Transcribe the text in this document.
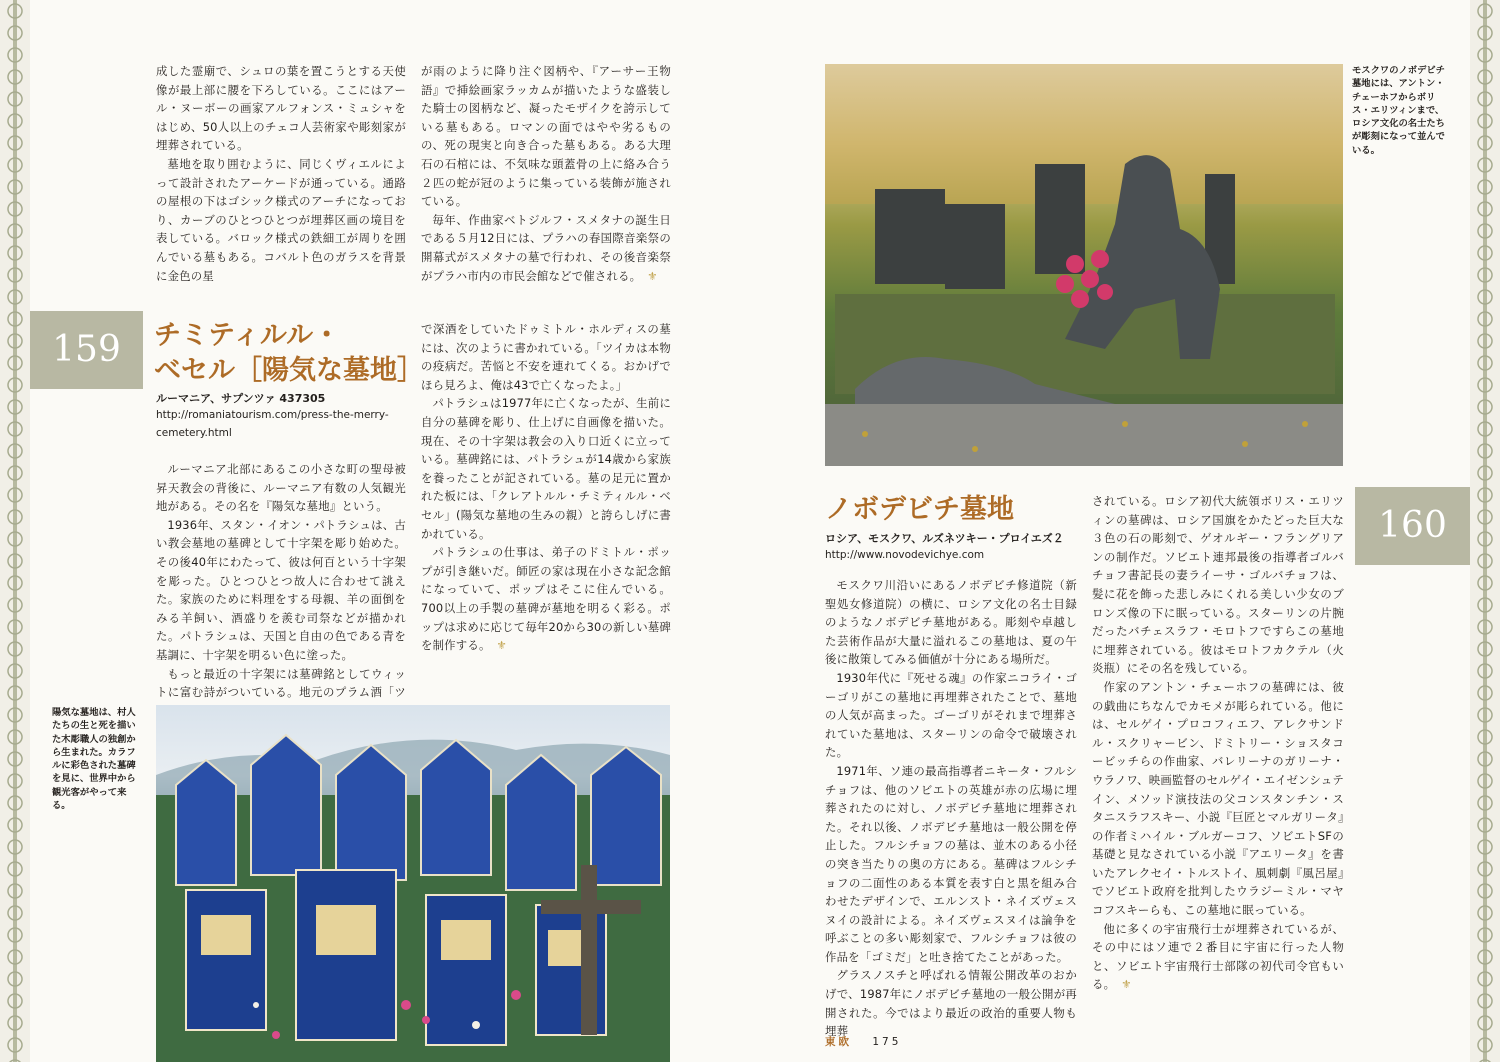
成した霊廟で、シュロの葉を置こうとする天使像が最上部に腰を下ろしている。ここにはアール・ヌーボーの画家アルフォンス・ミュシャをはじめ、50人以上のチェコ人芸術家や彫刻家が埋葬されている。

墓地を取り囲むように、同じくヴィエルによって設計されたアーケードが通っている。通路の屋根の下はゴシック様式のアーチになっており、カーブのひとつひとつが埋葬区画の境目を表している。バロック様式の鉄細工が周りを囲んでいる墓もある。コバルト色のガラスを背景に金色の星

が雨のように降り注ぐ図柄や、『アーサー王物語』で挿絵画家ラッカムが描いたような盛装した騎士の図柄など、凝ったモザイクを誇示している墓もある。ロマンの面ではやや劣るものの、死の現実と向き合った墓もある。ある大理石の石棺には、不気味な頭蓋骨の上に絡み合う２匹の蛇が冠のように集っている装飾が施されている。

毎年、作曲家ベトジルフ・スメタナの誕生日である５月12日には、プラハの春国際音楽祭の開幕式がスメタナの墓で行われ、その後音楽祭がプラハ市内の市民会館などで催される。 ⚜

159	チミティルル・
ベセル［陽気な墓地］
ルーマニア、サプンツァ 437305
http://romaniatourism.com/press-the-merry-
cemetery.html

ルーマニア北部にあるこの小さな町の聖母被昇天教会の背後に、ルーマニア有数の人気観光地がある。その名を『陽気な墓地』という。

1936年、スタン・イオン・パトラシュは、古い教会墓地の墓碑として十字架を彫り始めた。その後40年にわたって、彼は何百という十字架を彫った。ひとつひとつ故人に合わせて誂えた。家族のために料理をする母親、羊の面倒をみる羊飼い、酒盛りを羨む司祭などが描かれた。パトラシュは、天国と自由の色である青を基調に、十字架を明るい色に塗った。

もっと最近の十字架には墓碑銘としてウィットに富む詩がついている。地元のプラム酒「ツ

で深酒をしていたドゥミトル・ホルディスの墓には、次のように書かれている。「ツイカは本物の疫病だ。苦悩と不安を連れてくる。おかげでほら見ろよ、俺は43で亡くなったよ。」

パトラシュは1977年に亡くなったが、生前に自分の墓碑を彫り、仕上げに自画像を描いた。現在、その十字架は教会の入り口近くに立っている。墓碑銘には、パトラシュが14歳から家族を養ったことが記されている。墓の足元に置かれた板には、「クレアトルル・チミティルル・ベセル」(陽気な墓地の生みの親）と誇らしげに書かれている。

パトラシュの仕事は、弟子のドミトル・ポップが引き継いだ。師匠の家は現在小さな記念館になっていて、ポップはそこに住んでいる。700以上の手製の墓碑が墓地を明るく彩る。ポップは求めに応じて毎年20から30の新しい墓碑を制作する。 ⚜

陽気な墓地は、村人たちの生と死を描いた木彫職人の独創から生まれた。カラフルに彩色された墓碑を見に、世界中から観光客がやって来る。
モスクワのノボデビチ墓地には、アントン・チェーホフからボリス・エリツィンまで、ロシア文化の名士たちが彫刻になって並んでいる。
ノボデビチ墓地
ロシア、モスクワ、ルズネツキー・プロイエズ２
http://www.novodevichye.com
160

モスクワ川沿いにあるノボデビチ修道院（新聖処女修道院）の横に、ロシア文化の名士目録のようなノボデビチ墓地がある。彫刻や卓越した芸術作品が大量に溢れるこの墓地は、夏の午後に散策してみる価値が十分にある場所だ。

1930年代に『死せる魂』の作家ニコライ・ゴーゴリがこの墓地に再埋葬されたことで、墓地の人気が高まった。ゴーゴリがそれまで埋葬されていた墓地は、スターリンの命令で破壊された。

1971年、ソ連の最高指導者ニキータ・フルシチョフは、他のソビエトの英雄が赤の広場に埋葬されたのに対し、ノボデビチ墓地に埋葬された。それ以後、ノボデビチ墓地は一般公開を停止した。フルシチョフの墓は、並木のある小径の突き当たりの奥の方にある。墓碑はフルシチョフの二面性のある本質を表す白と黒を組み合わせたデザインで、エルンスト・ネイズヴェスヌイの設計による。ネイズヴェスヌイは論争を呼ぶことの多い彫刻家で、フルシチョフは彼の作品を「ゴミだ」と吐き捨てたことがあった。

グラスノスチと呼ばれる情報公開改革のおかげで、1987年にノボデビチ墓地の一般公開が再開された。今ではより最近の政治的重要人物も埋葬

されている。ロシア初代大統領ボリス・エリツィンの墓碑は、ロシア国旗をかたどった巨大な３色の石の彫刻で、ゲオルギー・フラングリアンの制作だ。ソビエト連邦最後の指導者ゴルバチョフ書記長の妻ライーサ・ゴルバチョフは、髪に花を飾った悲しみにくれる美しい少女のブロンズ像の下に眠っている。スターリンの片腕だったバチェスラフ・モロトフですらこの墓地に埋葬されている。彼はモロトフカクテル（火炎瓶）にその名を残している。

作家のアントン・チェーホフの墓碑には、彼の戯曲にちなんでカモメが彫られている。他には、セルゲイ・プロコフィエフ、アレクサンドル・スクリャービン、ドミトリー・ショスタコービッチらの作曲家、バレリーナのガリーナ・ウラノワ、映画監督のセルゲイ・エイゼンシュテイン、メソッド演技法の父コンスタンチン・スタニスラフスキー、小説『巨匠とマルガリータ』の作者ミハイル・ブルガーコフ、ソビエトSFの基礎と見なされている小説『アエリータ』を書いたアレクセイ・トルストイ、風刺劇『風呂屋』でソビエト政府を批判したウラジーミル・マヤコフスキーらも、この墓地に眠っている。

他に多くの宇宙飛行士が埋葬されているが、その中にはソ連で２番目に宇宙に行った人物と、ソビエト宇宙飛行士部隊の初代司令官もいる。 ⚜

東欧 175
